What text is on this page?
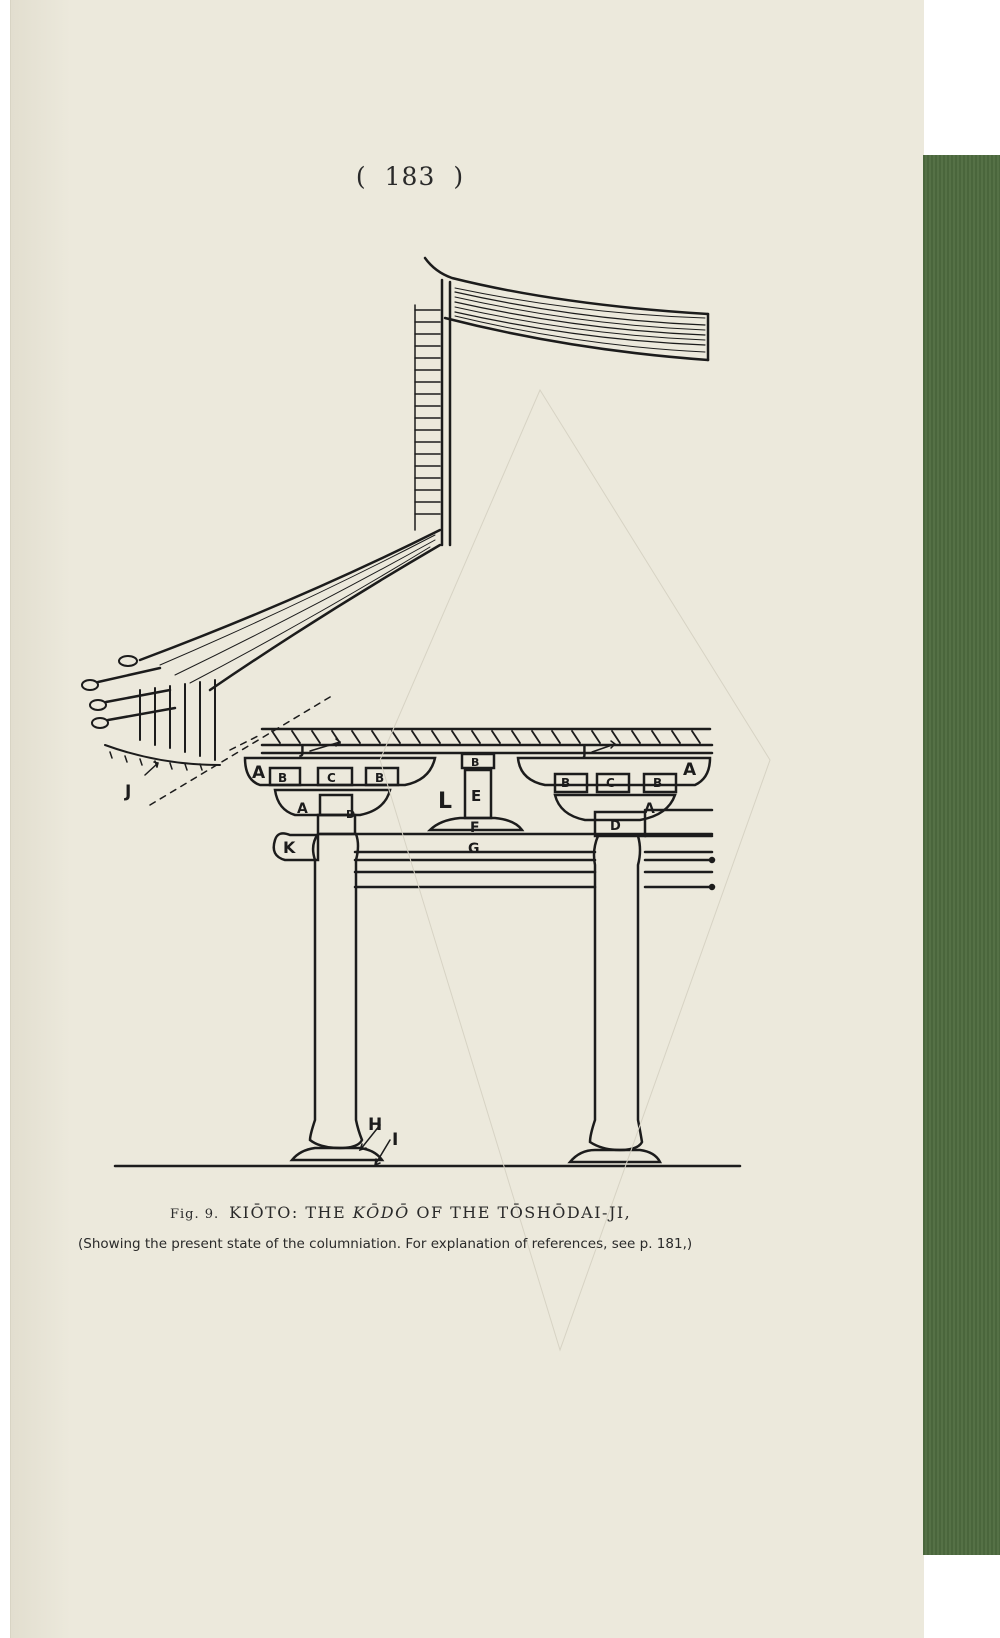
( 183 )

A B	C	B
A	D
J
J	J
J
K
L
B
E
F
G
B	C	B
A
A
D
H
I

Fig. 9. KIŌTO: THE KŌDŌ OF THE TŌSHŌDAI-JI,

(Showing the present state of the columniation. For explanation of references, see p. 181,)
